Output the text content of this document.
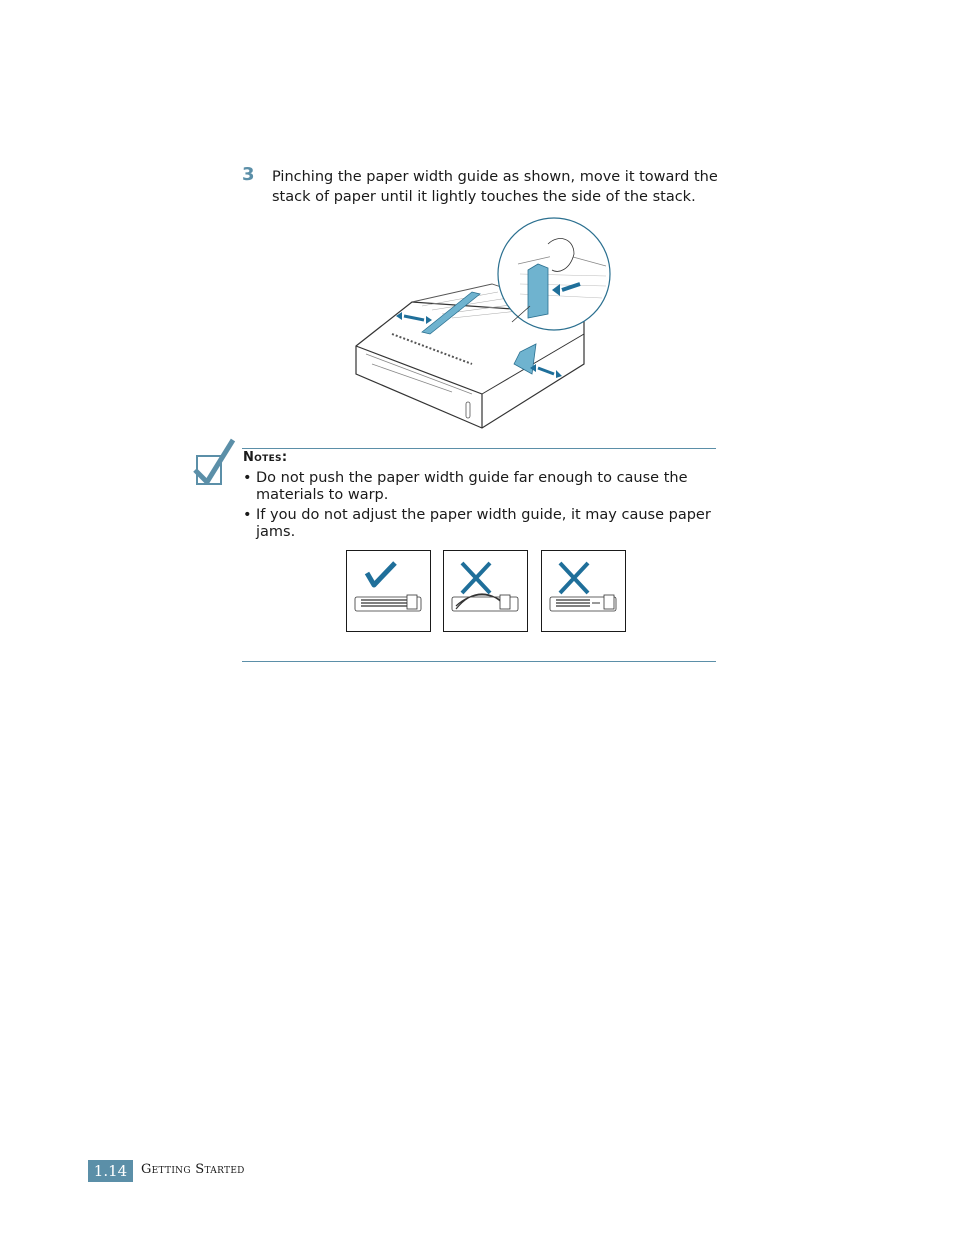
3 Pinching the paper width guide as shown, move it toward the stack of paper until it lightly touches the side of the stack.
Notes:
• Do not push the paper width guide far enough to cause the materials to warp.
• If you do not adjust the paper width guide, it may cause paper jams.
1.14	Getting Started
